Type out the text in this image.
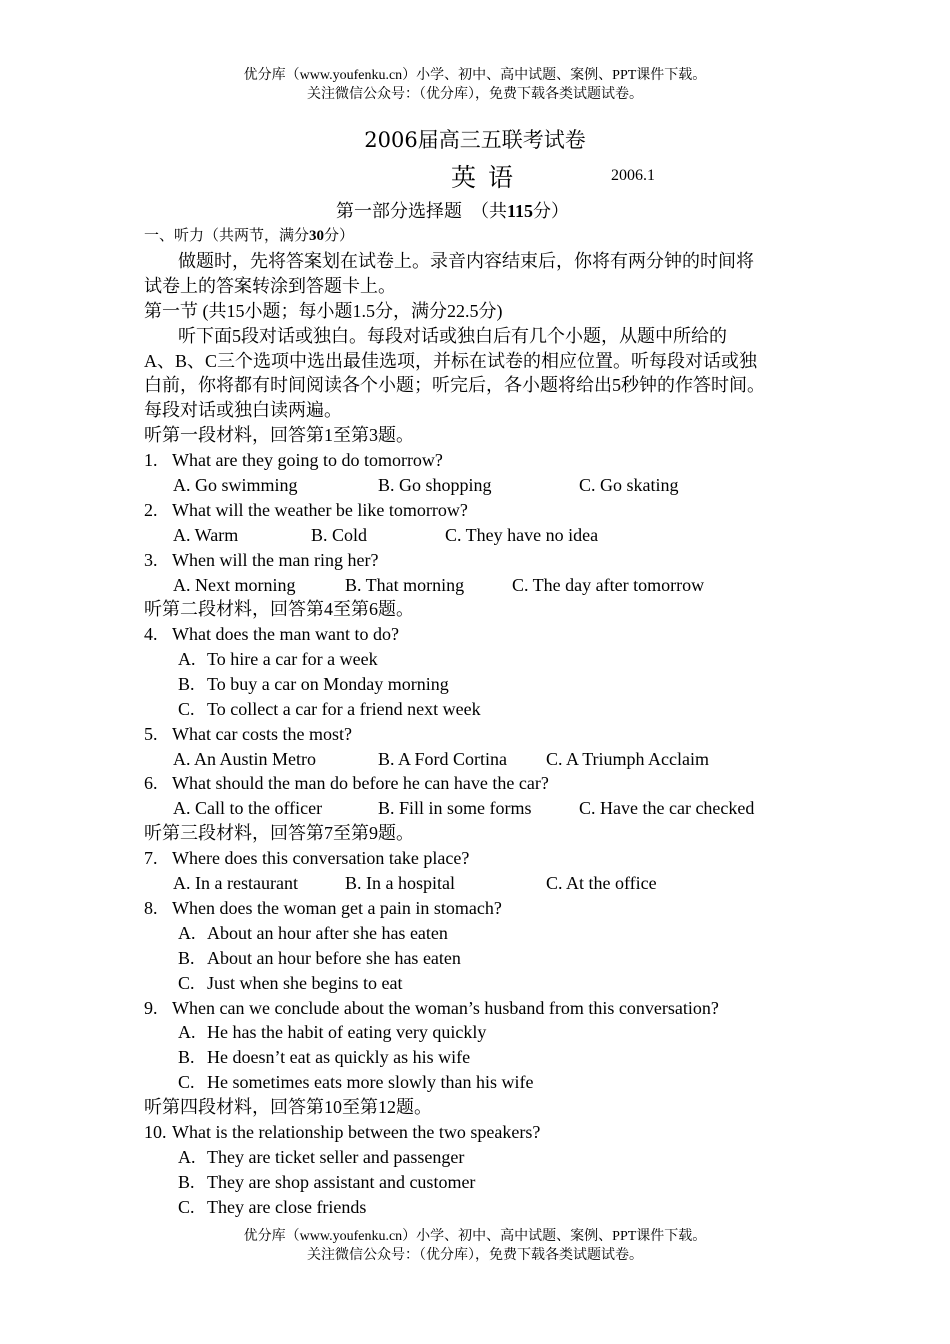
优分库（www.youfenku.cn）小学、初中、高中试题、案例、PPT课件下载。
关注微信公众号：（优分库），免费下载各类试题试卷。
2006届高三五联考试卷
英语	2006.1
第一部分选择题　（共115分）
一、听力（共两节，满分30分）
做题时，先将答案划在试卷上。录音内容结束后，你将有两分钟的时间将
试卷上的答案转涂到答题卡上。
第一节 (共15小题；每小题1.5分，满分22.5分)
听下面5段对话或独白。每段对话或独白后有几个小题，从题中所给的
A、B、C三个选项中选出最佳选项，并标在试卷的相应位置。听每段对话或独
白前，你将都有时间阅读各个小题；听完后，各小题将给出5秒钟的作答时间。
每段对话或独白读两遍。
听第一段材料，回答第1至第3题。
1. What are they going to do tomorrow?
A. Go swimming	B. Go shopping	C. Go skating
2. What will the weather be like tomorrow?
A. Warm	B. Cold	C. They have no idea
3. When will the man ring her?
A. Next morning	B. That morning	C. The day after tomorrow
听第二段材料，回答第4至第6题。
4. What does the man want to do?
A. To hire a car for a week
B. To buy a car on Monday morning
C. To collect a car for a friend next week
5. What car costs the most?
A. An Austin Metro	B. A Ford Cortina C. A Triumph Acclaim
6. What should the man do before he can have the car?
A. Call to the officer	B. Fill in some forms	C. Have the car checked
听第三段材料，回答第7至第9题。
7. Where does this conversation take place?
A. In a restaurant	B. In a hospital	C. At the office
8. When does the woman get a pain in stomach?
A. About an hour after she has eaten
B. About an hour before she has eaten
C. Just when she begins to eat
9. When can we conclude about the woman’s husband from this conversation?
A. He has the habit of eating very quickly
B. He doesn’t eat as quickly as his wife
C. He sometimes eats more slowly than his wife
听第四段材料，回答第10至第12题。
10. What is the relationship between the two speakers?
A. They are ticket seller and passenger
B. They are shop assistant and customer
C. They are close friends
优分库（www.youfenku.cn）小学、初中、高中试题、案例、PPT课件下载。
关注微信公众号：（优分库），免费下载各类试题试卷。
